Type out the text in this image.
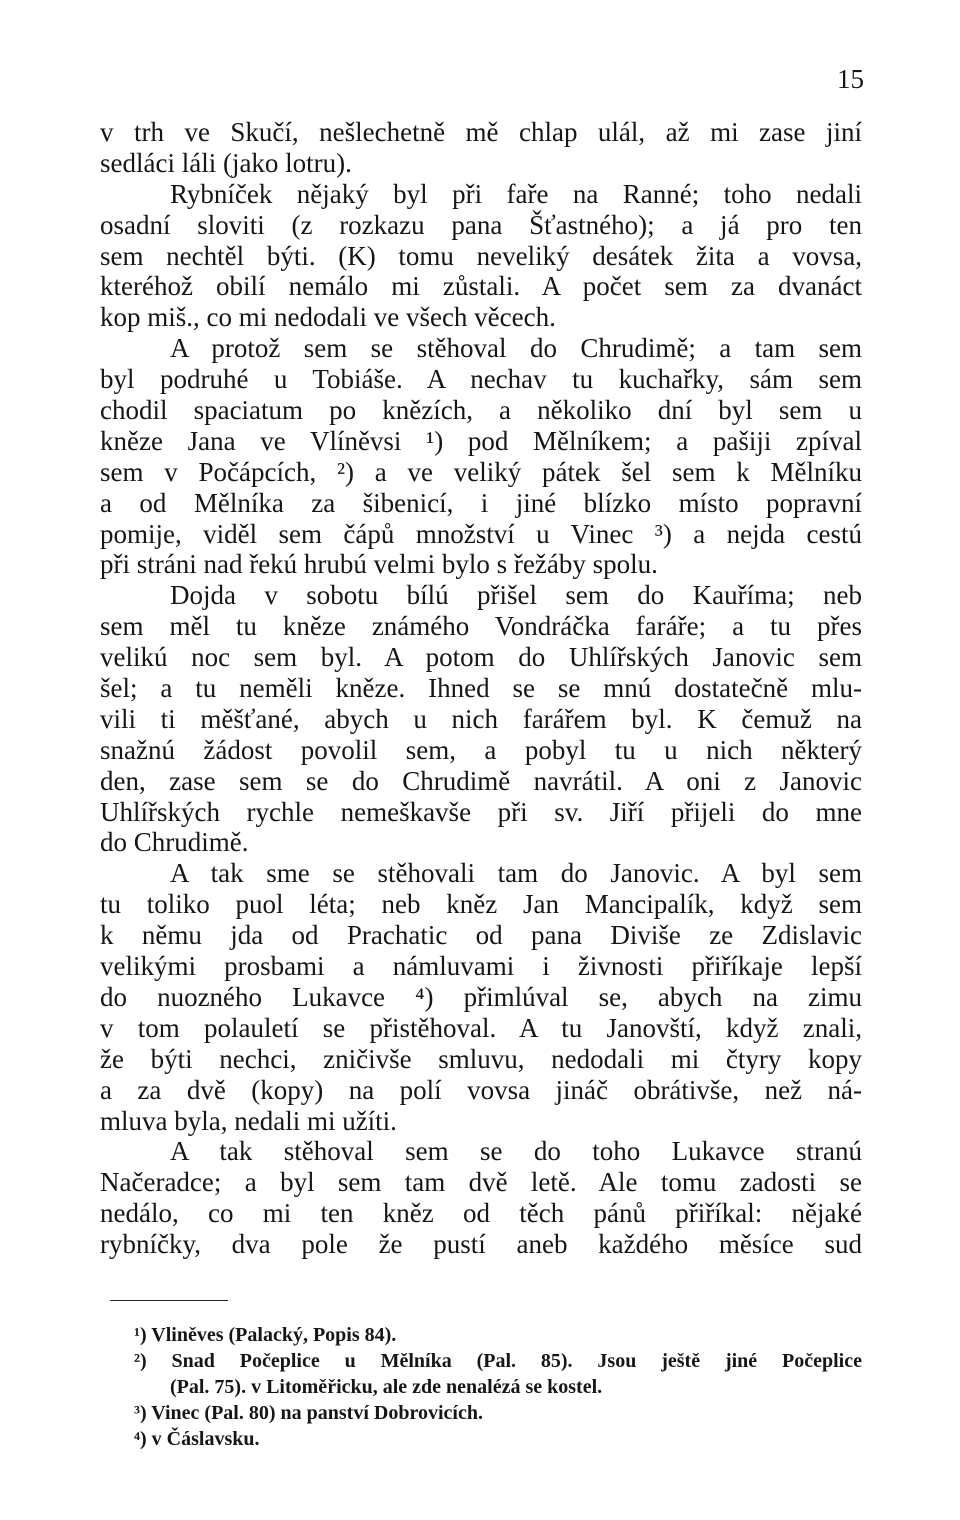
15
v trh ve Skučí, nešlechetně mě chlap ulál, až mi zase jiní
sedláci láli (jako lotru).
Rybníček nějaký byl při faře na Ranné; toho nedali
osadní sloviti (z rozkazu pana Šťastného); a já pro ten
sem nechtěl býti. (K) tomu neveliký desátek žita a vovsa,
kteréhož obilí nemálo mi zůstali. A počet sem za dvanáct
kop miš., co mi nedodali ve všech věcech.
A protož sem se stěhoval do Chrudimě; a tam sem
byl podruhé u Tobiáše. A nechav tu kuchařky, sám sem
chodil spaciatum po knězích, a několiko dní byl sem u
kněze Jana ve Vlíněvsi ¹) pod Mělníkem; a pašiji zpíval
sem v Počápcích, ²) a ve veliký pátek šel sem k Mělníku
a od Mělníka za šibenicí, i jiné blízko místo popravní
pomije, viděl sem čápů množství u Vinec ³) a nejda cestú
při stráni nad řekú hrubú velmi bylo s řežáby spolu.
Dojda v sobotu bílú přišel sem do Kauříma; neb
sem měl tu kněze známého Vondráčka faráře; a tu přes
velikú noc sem byl. A potom do Uhlířských Janovic sem
šel; a tu neměli kněze. Ihned se se mnú dostatečně mlu-
vili ti měšťané, abych u nich farářem byl. K čemuž na
snažnú žádost povolil sem, a pobyl tu u nich některý
den, zase sem se do Chrudimě navrátil. A oni z Janovic
Uhlířských rychle nemeškavše při sv. Jiří přijeli do mne
do Chrudimě.
A tak sme se stěhovali tam do Janovic. A byl sem
tu toliko puol léta; neb kněz Jan Mancipalík, když sem
k němu jda od Prachatic od pana Diviše ze Zdislavic
velikými prosbami a námluvami i živnosti přiříkaje lepší
do nuozného Lukavce ⁴) přimlúval se, abych na zimu
v tom polauletí se přistěhoval. A tu Janovští, když znali,
že býti nechci, zničivše smluvu, nedodali mi čtyry kopy
a za dvě (kopy) na polí vovsa jináč obrátivše, než ná-
mluva byla, nedali mi užíti.
A tak stěhoval sem se do toho Lukavce stranú
Načeradce; a byl sem tam dvě letě. Ale tomu zadosti se
nedálo, co mi ten kněz od těch pánů přiříkal: nějaké
rybníčky, dva pole že pustí aneb každého měsíce sud
¹) Vliněves (Palacký, Popis 84).
²) Snad Počeplice u Mělníka (Pal. 85). Jsou ještě jiné Počeplice
(Pal. 75). v Litoměřicku, ale zde nenalézá se kostel.
³) Vinec (Pal. 80) na panství Dobrovicích.
⁴) v Čáslavsku.
